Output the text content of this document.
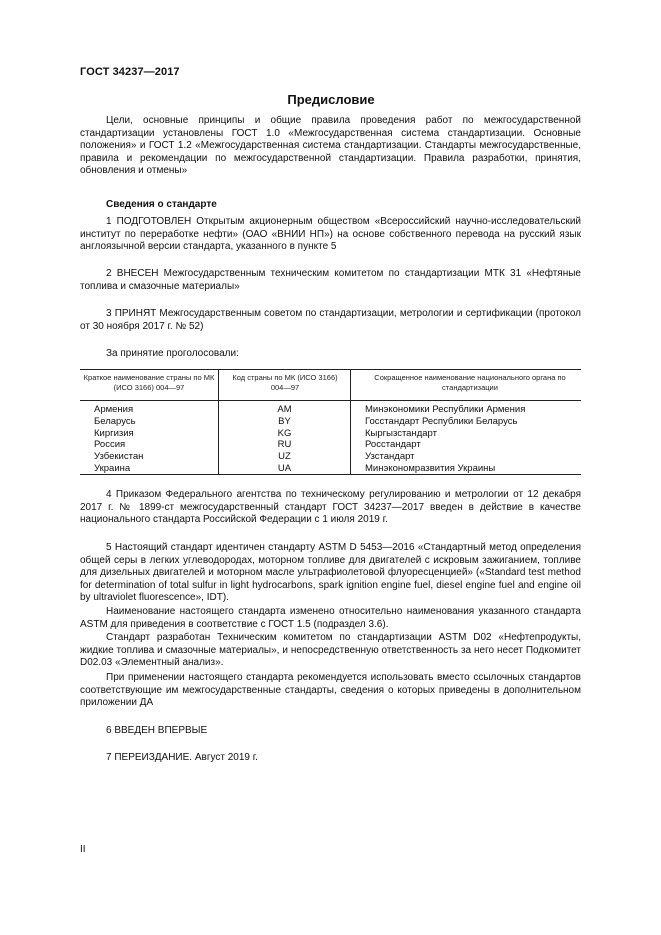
ГОСТ 34237—2017
Предисловие

Цели, основные принципы и общие правила проведения работ по межгосударственной стандартизации установлены ГОСТ 1.0 «Межгосударственная система стандартизации. Основные положения» и ГОСТ 1.2 «Межгосударственная система стандартизации. Стандарты межгосударственные, правила и рекомендации по межгосударственной стандартизации. Правила разработки, принятия, обновления и отмены»

Сведения о стандарте

1 ПОДГОТОВЛЕН Открытым акционерным обществом «Всероссийский научно-исследовательский институт по переработке нефти» (ОАО «ВНИИ НП») на основе собственного перевода на русский язык англоязычной версии стандарта, указанного в пункте 5

2 ВНЕСЕН Межгосударственным техническим комитетом по стандартизации МТК 31 «Нефтяные топлива и смазочные материалы»

3 ПРИНЯТ Межгосударственным советом по стандартизации, метрологии и сертификации (протокол от 30 ноября 2017 г. № 52)

За принятие проголосовали:
Краткое наименование страны по МК (ИСО 3166) 004—97
Код страны по МК (ИСО 3166) 004—97
Сокращенное наименование национального органа по стандартизации
Армения
Беларусь
Киргизия
Россия
Узбекистан
Украина
AM
BY
KG
RU
UZ
UA
Минэкономики Республики Армения
Госстандарт Республики Беларусь
Кыргызстандарт
Росстандарт
Узстандарт
Минэкономразвития Украины

4 Приказом Федерального агентства по техническому регулированию и метрологии от 12 декабря 2017 г. № 1899-ст межгосударственный стандарт ГОСТ 34237—2017 введен в действие в качестве национального стандарта Российской Федерации с 1 июля 2019 г.

5 Настоящий стандарт идентичен стандарту ASTM D 5453—2016 «Стандартный метод определения общей серы в легких углеводородах, моторном топливе для двигателей с искровым зажиганием, топливе для дизельных двигателей и моторном масле ультрафиолетовой флуоресценцией» («Standard test method for determination of total sulfur in light hydrocarbons, spark ignition engine fuel, diesel engine fuel and engine oil by ultraviolet fluorescence», IDT).

Наименование настоящего стандарта изменено относительно наименования указанного стандарта ASTM для приведения в соответствие с ГОСТ 1.5 (подраздел 3.6).

Стандарт разработан Техническим комитетом по стандартизации ASTM D02 «Нефтепродукты, жидкие топлива и смазочные материалы», и непосредственную ответственность за него несет Подкомитет D02.03 «Элементный анализ».

При применении настоящего стандарта рекомендуется использовать вместо ссылочных стандартов соответствующие им межгосударственные стандарты, сведения о которых приведены в дополнительном приложении ДА

6 ВВЕДЕН ВПЕРВЫЕ

7 ПЕРЕИЗДАНИЕ. Август 2019 г.

II
